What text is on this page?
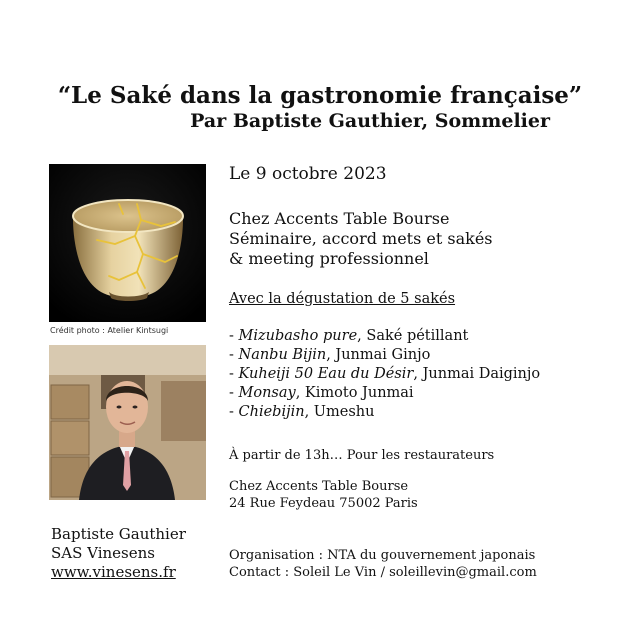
“Le Saké dans la gastronomie française”
Par Baptiste Gauthier, Sommelier
Crédit photo : Atelier Kintsugi
Le 9 octobre 2023
Chez Accents Table Bourse
Séminaire, accord mets et sakés
& meeting professionnel
Avec la dégustation de 5 sakés
- Mizubasho pure, Saké pétillant
- Nanbu Bijin, Junmai Ginjo
- Kuheiji 50 Eau du Désir, Junmai Daiginjo
- Monsay, Kimoto Junmai
- Chiebijin, Umeshu
À partir de 13h… Pour les restaurateurs
Chez Accents Table Bourse
24 Rue Feydeau 75002 Paris
Organisation : NTA du gouvernement japonais
Contact : Soleil Le Vin / soleillevin@gmail.com
Baptiste Gauthier
SAS Vinesens
www.vinesens.fr
